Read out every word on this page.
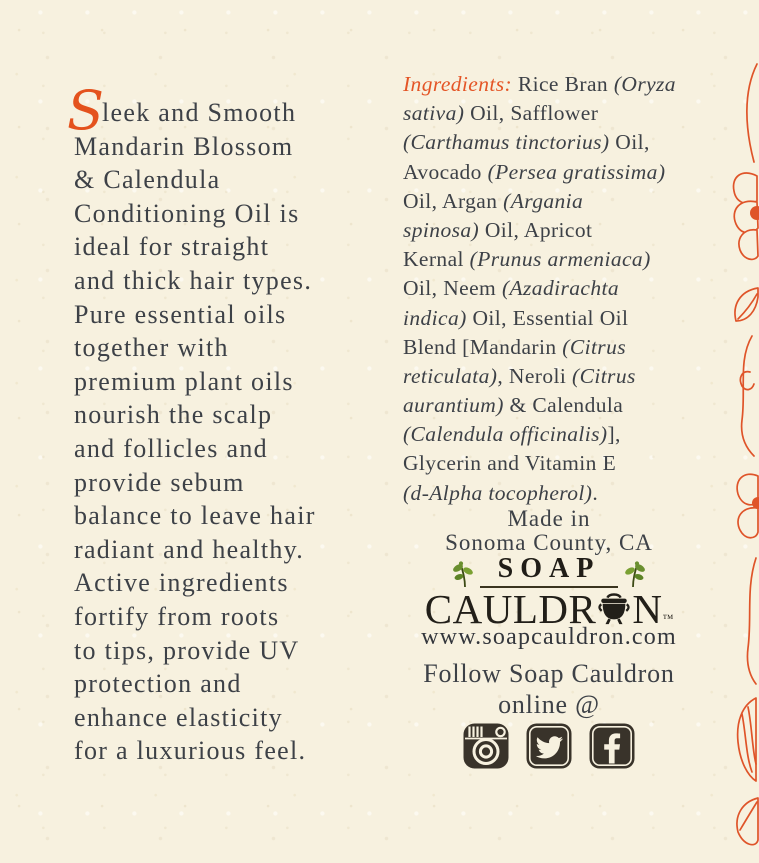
S
leek and Smooth
Mandarin Blossom
& Calendula
Conditioning Oil is
ideal for straight
and thick hair types.
Pure essential oils
together with
premium plant oils
nourish the scalp
and follicles and
provide sebum
balance to leave hair
radiant and healthy.
Active ingredients
fortify from roots
to tips, provide UV
protection and
enhance elasticity
for a luxurious feel.
Ingredients: Rice Bran (Oryza
sativa) Oil, Safflower
(Carthamus tinctorius) Oil,
Avocado (Persea gratissima)
Oil, Argan (Argania
spinosa) Oil, Apricot
Kernal (Prunus armeniaca)
Oil, Neem (Azadirachta
indica) Oil, Essential Oil
Blend [Mandarin (Citrus
reticulata), Neroli (Citrus
aurantium) & Calendula
(Calendula officinalis)],
Glycerin and Vitamin E
(d-Alpha tocopherol).
Made in
Sonoma County, CA
SOAP
CAULDR N™
www.soapcauldron.com
Follow Soap Cauldron
online @
